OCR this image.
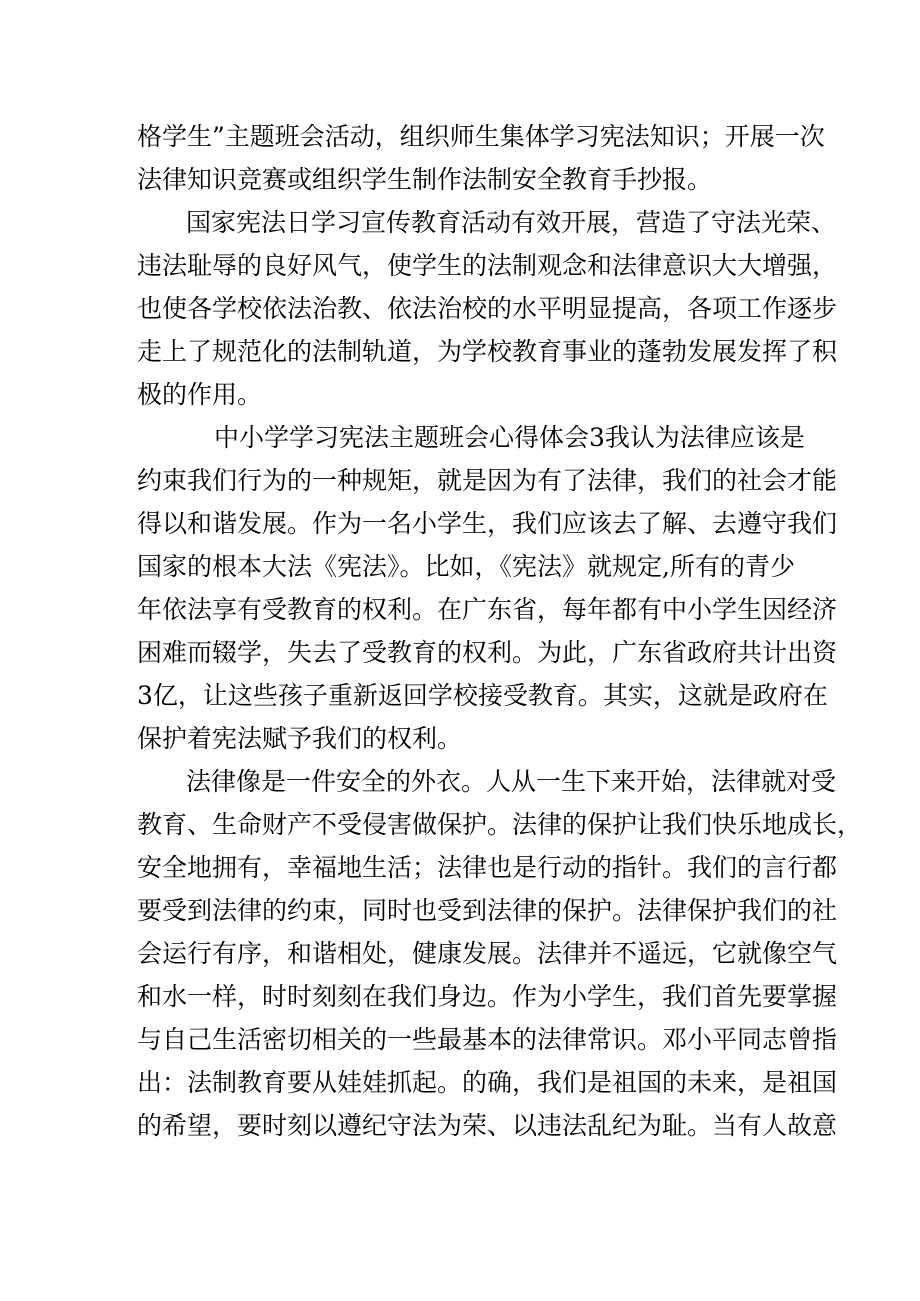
格学生”主题班会活动，组织师生集体学习宪法知识；开展一次
法律知识竞赛或组织学生制作法制安全教育手抄报。
国家宪法日学习宣传教育活动有效开展，营造了守法光荣、
违法耻辱的良好风气，使学生的法制观念和法律意识大大增强，
也使各学校依法治教、依法治校的水平明显提高，各项工作逐步
走上了规范化的法制轨道，为学校教育事业的蓬勃发展发挥了积
极的作用。
中小学学习宪法主题班会心得体会3我认为法律应该是
约束我们行为的一种规矩，就是因为有了法律，我们的社会才能
得以和谐发展。作为一名小学生，我们应该去了解、去遵守我们
国家的根本大法《宪法》。比如，《宪法》就规定,所有的青少
年依法享有受教育的权利。在广东省，每年都有中小学生因经济
困难而辍学，失去了受教育的权利。为此，广东省政府共计出资
3亿，让这些孩子重新返回学校接受教育。其实，这就是政府在
保护着宪法赋予我们的权利。
法律像是一件安全的外衣。人从一生下来开始，法律就对受
教育、生命财产不受侵害做保护。法律的保护让我们快乐地成长，
安全地拥有，幸福地生活；法律也是行动的指针。我们的言行都
要受到法律的约束，同时也受到法律的保护。法律保护我们的社
会运行有序，和谐相处，健康发展。法律并不遥远，它就像空气
和水一样，时时刻刻在我们身边。作为小学生，我们首先要掌握
与自己生活密切相关的一些最基本的法律常识。邓小平同志曾指
出：法制教育要从娃娃抓起。的确，我们是祖国的未来，是祖国
的希望，要时刻以遵纪守法为荣、以违法乱纪为耻。当有人故意
